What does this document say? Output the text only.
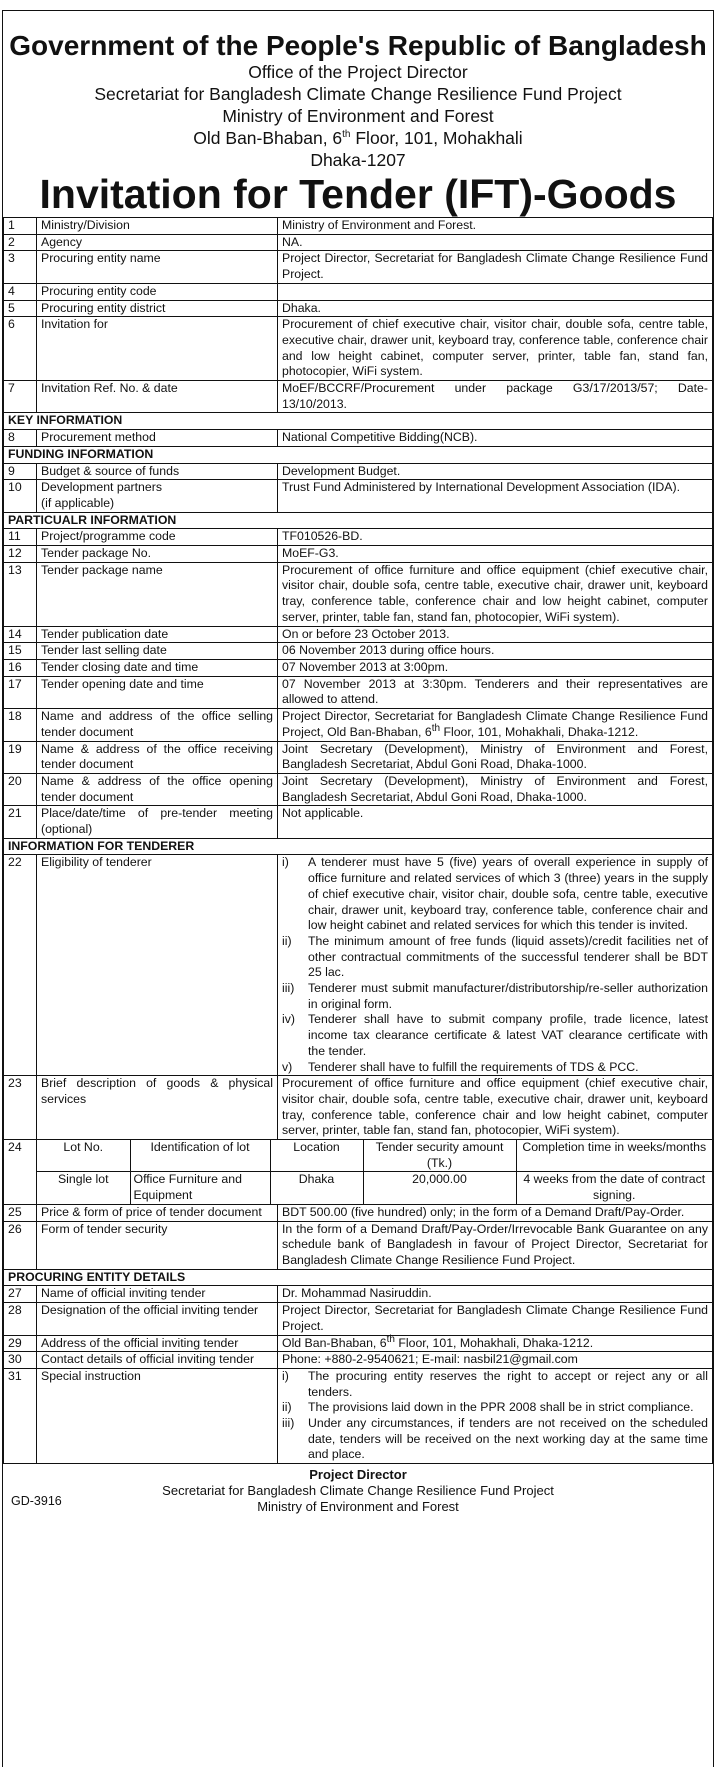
Government of the People's Republic of Bangladesh
Office of the Project Director
Secretariat for Bangladesh Climate Change Resilience Fund Project
Ministry of Environment and Forest
Old Ban-Bhaban, 6th Floor, 101, Mohakhali
Dhaka-1207
Invitation for Tender (IFT)-Goods
1	Ministry/Division	Ministry of Environment and Forest.
2	Agency	NA.
3	Procuring entity name	Project Director, Secretariat for Bangladesh Climate Change Resilience Fund Project.
4	Procuring entity code	
5	Procuring entity district	Dhaka.
6	Invitation for	Procurement of chief executive chair, visitor chair, double sofa, centre table, executive chair, drawer unit, keyboard tray, conference table, conference chair and low height cabinet, computer server, printer, table fan, stand fan, photocopier, WiFi system.
7	Invitation Ref. No. & date	MoEF/BCCRF/Procurement under package G3/17/2013/57; Date- 13/10/2013.
KEY INFORMATION
8	Procurement method	National Competitive Bidding(NCB).
FUNDING INFORMATION
9	Budget & source of funds	Development Budget.
10	Development partners
(if applicable)
	Trust Fund Administered by International Development Association (IDA).
PARTICUALR INFORMATION
11	Project/programme code	TF010526-BD.
12	Tender package No.	MoEF-G3.
13	Tender package name	Procurement of office furniture and office equipment (chief executive chair, visitor chair, double sofa, centre table, executive chair, drawer unit, keyboard tray, conference table, conference chair and low height cabinet, computer server, printer, table fan, stand fan, photocopier, WiFi system).
14	Tender publication date	On or before 23 October 2013.
15	Tender last selling date	06 November 2013 during office hours.
16	Tender closing date and time	07 November 2013 at 3:00pm.
17	Tender opening date and time	07 November 2013 at 3:30pm. Tenderers and their representatives are allowed to attend.
18	Name and address of the office selling tender document	Project Director, Secretariat for Bangladesh Climate Change Resilience Fund Project, Old Ban-Bhaban, 6th Floor, 101, Mohakhali, Dhaka-1212.
19	Name & address of the office receiving tender document	Joint Secretary (Development), Ministry of Environment and Forest, Bangladesh Secretariat, Abdul Goni Road, Dhaka-1000.
20	Name & address of the office opening tender document	Joint Secretary (Development), Ministry of Environment and Forest, Bangladesh Secretariat, Abdul Goni Road, Dhaka-1000.
21	Place/date/time of pre-tender meeting (optional)	Not applicable.
INFORMATION FOR TENDERER
22	Eligibility of tenderer	i)	A tenderer must have 5 (five) years of overall experience in supply of office furniture and related services of which 3 (three) years in the supply of chief executive chair, visitor chair, double sofa, centre table, executive chair, drawer unit, keyboard tray, conference table, conference chair and low height cabinet and related services for which this tender is invited.
ii)	The minimum amount of free funds (liquid assets)/credit facilities net of other contractual commitments of the successful tenderer shall be BDT 25 lac.
iii)	Tenderer must submit manufacturer/distributorship/re-seller authorization in original form.
iv)	Tenderer shall have to submit company profile, trade licence, latest income tax clearance certificate & latest VAT clearance certificate with the tender.
v)	Tenderer shall have to fulfill the requirements of TDS & PCC.

23	Brief description of goods & physical services	Procurement of office furniture and office equipment (chief executive chair, visitor chair, double sofa, centre table, executive chair, drawer unit, keyboard tray, conference table, conference chair and low height cabinet, computer server, printer, table fan, stand fan, photocopier, WiFi system).
24		Lot No.	Identification of lot	Location	Tender security amount (Tk.)	Completion time in weeks/months
Single lot	Office Furniture and Equipment	Dhaka	20,000.00	4 weeks from the date of contract signing.

25	Price & form of price of tender document	BDT 500.00 (five hundred) only; in the form of a Demand Draft/Pay-Order.
26	Form of tender security	In the form of a Demand Draft/Pay-Order/Irrevocable Bank Guarantee on any schedule bank of Bangladesh in favour of Project Director, Secretariat for Bangladesh Climate Change Resilience Fund Project.
PROCURING ENTITY DETAILS
27	Name of official inviting tender	Dr. Mohammad Nasiruddin.
28	Designation of the official inviting tender	Project Director, Secretariat for Bangladesh Climate Change Resilience Fund Project.
29	Address of the official inviting tender	Old Ban-Bhaban, 6th Floor, 101, Mohakhali, Dhaka-1212.
30	Contact details of official inviting tender	Phone: +880-2-9540621; E-mail: nasbil21@gmail.com
31	Special instruction	i)	The procuring entity reserves the right to accept or reject any or all tenders.
ii)	The provisions laid down in the PPR 2008 shall be in strict compliance.
iii)	Under any circumstances, if tenders are not received on the scheduled date, tenders will be received on the next working day at the same time and place.
Project Director
Secretariat for Bangladesh Climate Change Resilience Fund Project
Ministry of Environment and Forest
GD-3916
